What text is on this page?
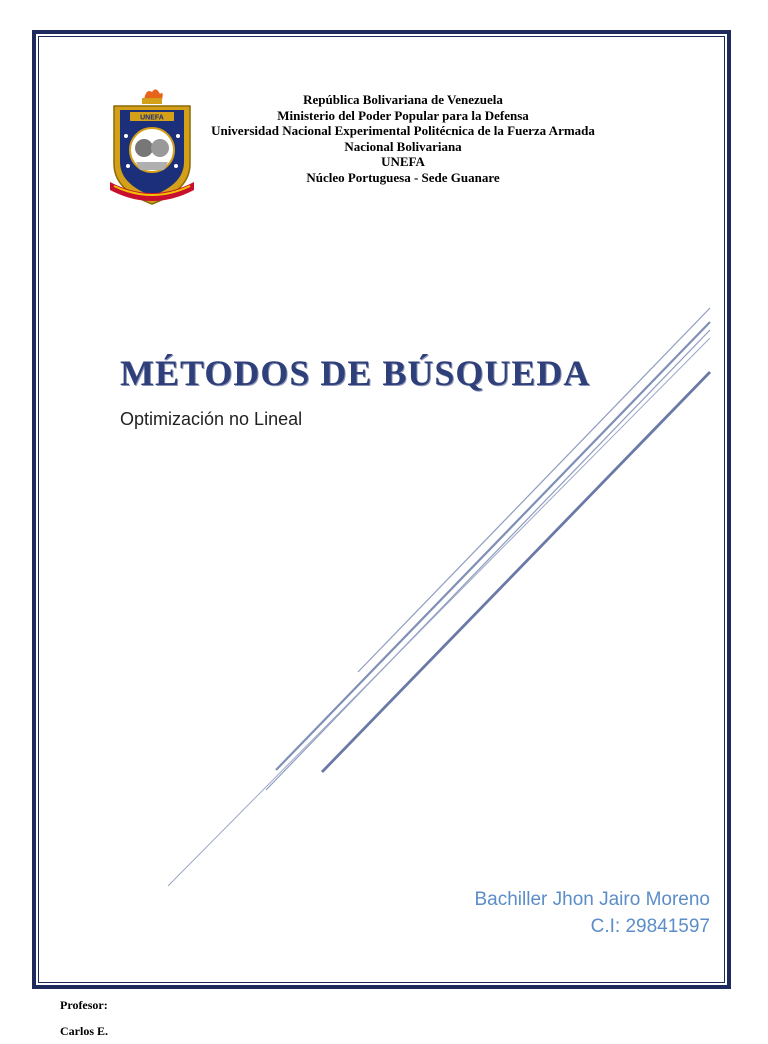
UNEFA
República Bolivariana de Venezuela
Ministerio del Poder Popular para la Defensa
Universidad Nacional Experimental Politécnica de la Fuerza Armada
Nacional Bolivariana
UNEFA
Núcleo Portuguesa - Sede Guanare
MÉTODOS DE BÚSQUEDA
Optimización no Lineal
Bachiller Jhon Jairo Moreno
C.I: 29841597
Profesor:
Carlos E.
